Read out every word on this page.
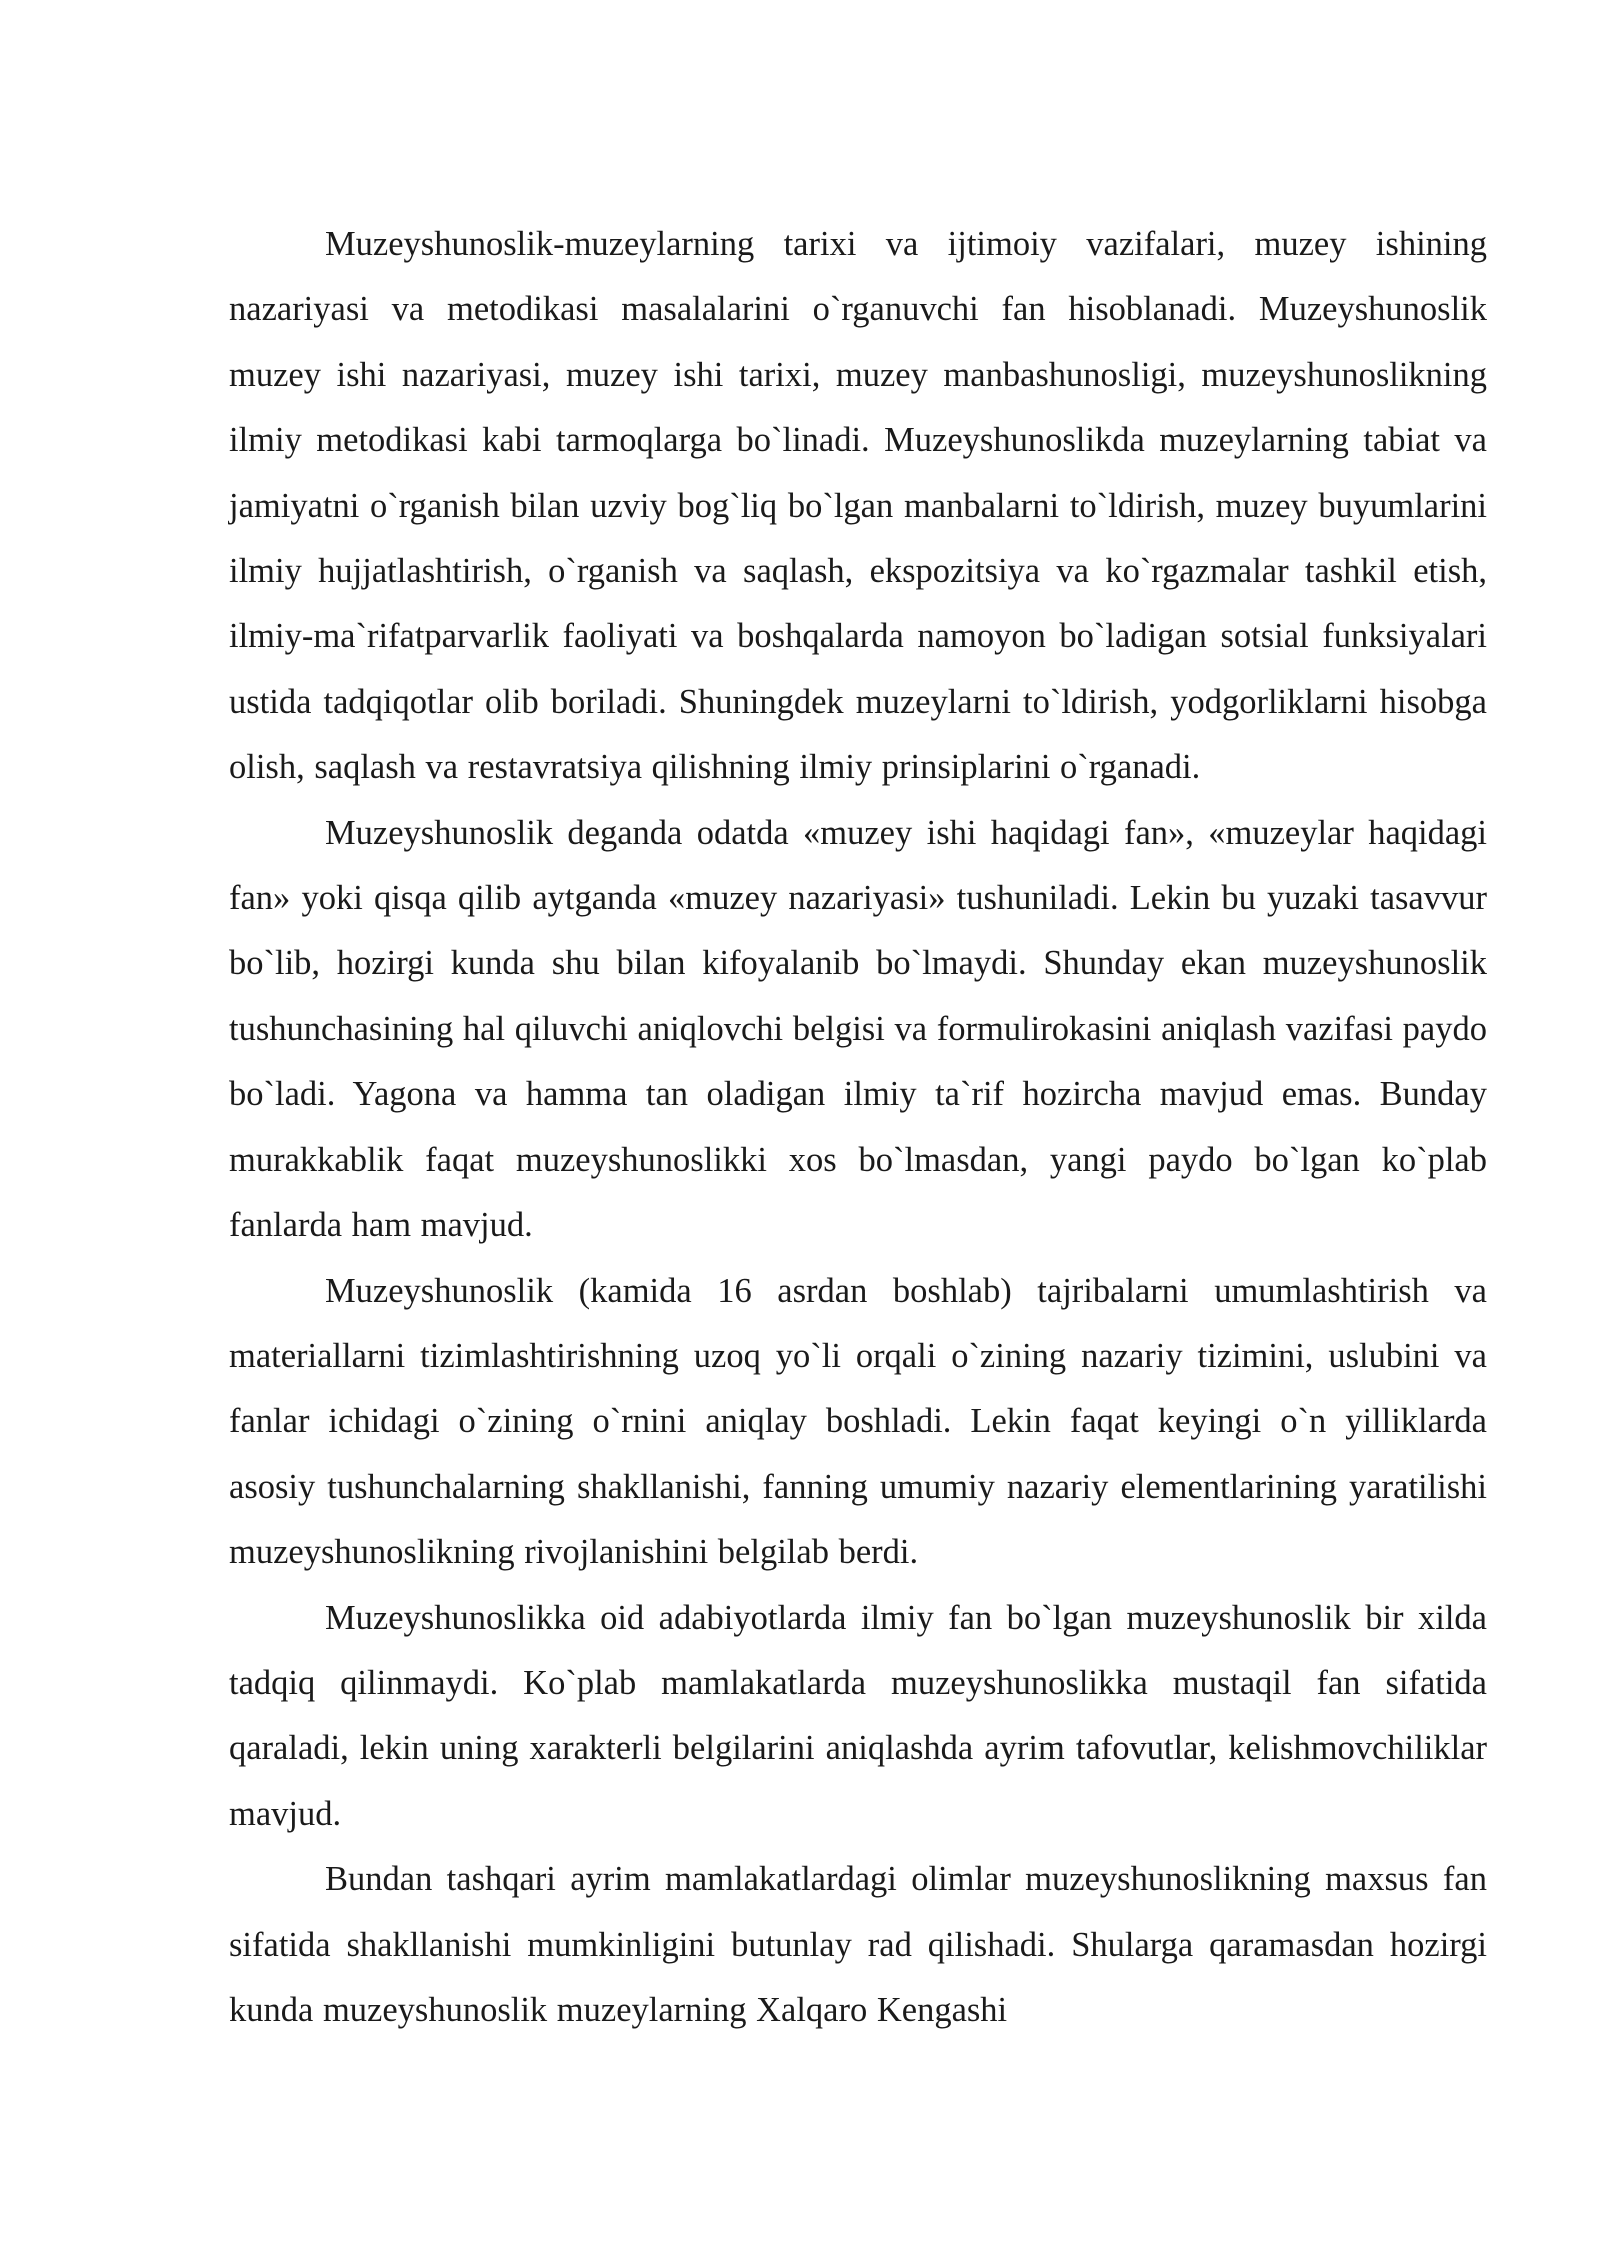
Muzeyshunoslik-muzeylarning tarixi va ijtimoiy vazifalari, muzey ishining nazariyasi va metodikasi masalalarini o`rganuvchi fan hisoblanadi. Muzeyshunoslik muzey ishi nazariyasi, muzey ishi tarixi, muzey manbashunosligi, muzeyshunoslikning ilmiy metodikasi kabi tarmoqlarga bo`linadi. Muzeyshunoslikda muzeylarning tabiat va jamiyatni o`rganish bilan uzviy bog`liq bo`lgan manbalarni to`ldirish, muzey buyumlarini ilmiy hujjatlashtirish, o`rganish va saqlash, ekspozitsiya va ko`rgazmalar tashkil etish, ilmiy-ma`rifatparvarlik faoliyati va boshqalarda namoyon bo`ladigan sotsial funksiyalari ustida tadqiqotlar olib boriladi. Shuningdek muzeylarni to`ldirish, yodgorliklarni hisobga olish, saqlash va restavratsiya qilishning ilmiy prinsiplarini o`rganadi.

Muzeyshunoslik deganda odatda «muzey ishi haqidagi fan», «muzeylar haqidagi fan» yoki qisqa qilib aytganda «muzey nazariyasi» tushuniladi. Lekin bu yuzaki tasavvur bo`lib, hozirgi kunda shu bilan kifoyalanib bo`lmaydi. Shunday ekan muzeyshunoslik tushunchasining hal qiluvchi aniqlovchi belgisi va formulirokasini aniqlash vazifasi paydo bo`ladi. Yagona va hamma tan oladigan ilmiy ta`rif hozircha mavjud emas. Bunday murakkablik faqat muzeyshunoslikki xos bo`lmasdan, yangi paydo bo`lgan ko`plab fanlarda ham mavjud.

Muzeyshunoslik (kamida 16 asrdan boshlab) tajribalarni umumlashtirish va materiallarni tizimlashtirishning uzoq yo`li orqali o`zining nazariy tizimini, uslubini va fanlar ichidagi o`zining o`rnini aniqlay boshladi. Lekin faqat keyingi o`n yilliklarda asosiy tushunchalarning shakllanishi, fanning umumiy nazariy elementlarining yaratilishi muzeyshunoslikning rivojlanishini belgilab berdi.

Muzeyshunoslikka oid adabiyotlarda ilmiy fan bo`lgan muzeyshunoslik bir xilda tadqiq qilinmaydi. Ko`plab mamlakatlarda muzeyshunoslikka mustaqil fan sifatida qaraladi, lekin uning xarakterli belgilarini aniqlashda ayrim tafovutlar, kelishmovchiliklar mavjud.

Bundan tashqari ayrim mamlakatlardagi olimlar muzeyshunoslikning maxsus fan sifatida shakllanishi mumkinligini butunlay rad qilishadi. Shularga qaramasdan hozirgi kunda muzeyshunoslik muzeylarning Xalqaro Kengashi
